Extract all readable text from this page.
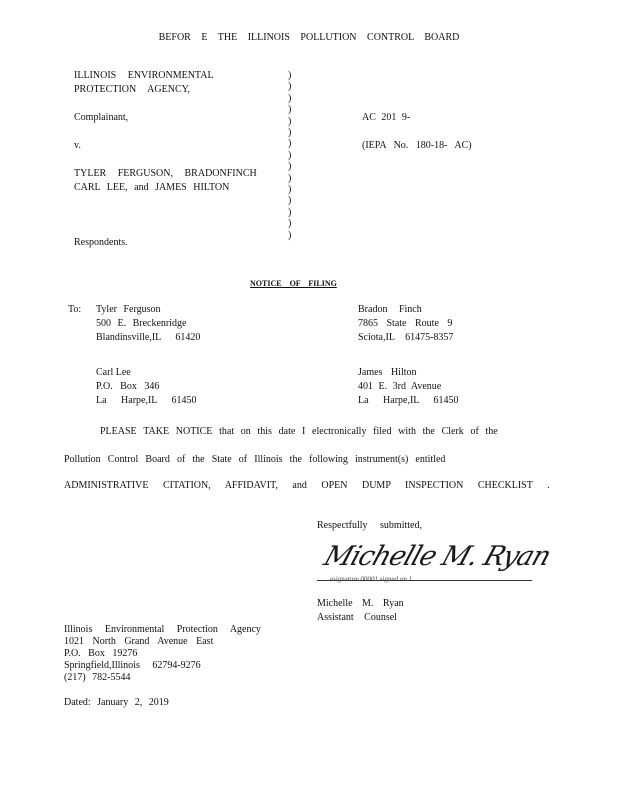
BEFOR E THE ILLINOIS POLLUTION CONTROL BOARD
ILLINOIS ENVIRONMENTAL
PROTECTION AGENCY,
Complainant,
v.
TYLER FERGUSON, BRADONFINCH
CARL LEE, and JAMES HILTON
Respondents.
)
)
)
)
)
)
)
)
)
)
)
)
)
)
)
AC 201 9-
(IEPA No. 180-18- AC)
NOTICE OF FILING
To: Tyler Ferguson
500 E. Breckenridge
Blandinsville,IL 61420
Bradon Finch
7865 State Route 9
Sciota,IL 61475-8357
Carl Lee
P.O. Box 346
La Harpe,IL 61450
James Hilton
401 E. 3rd Avenue
La Harpe,IL 61450
PLEASE TAKE NOTICE that on this date I electronically filed with the Clerk of the
Pollution Control Board of the State of Illinois the following instrument(s) entitled
ADMINISTRATIVE CITATION, AFFIDAVIT, and OPEN DUMP INSPECTION CHECKLIST .
Respectfully submitted,
Michelle M. Ryan
esignature 00001 signed on 1
Michelle M. Ryan
Assistant Counsel
Illinois Environmental Protection Agency
1021 North Grand Avenue East
P.O. Box 19276
Springfield,Illinois 62794-9276
(217) 782-5544
Dated: January 2, 2019
